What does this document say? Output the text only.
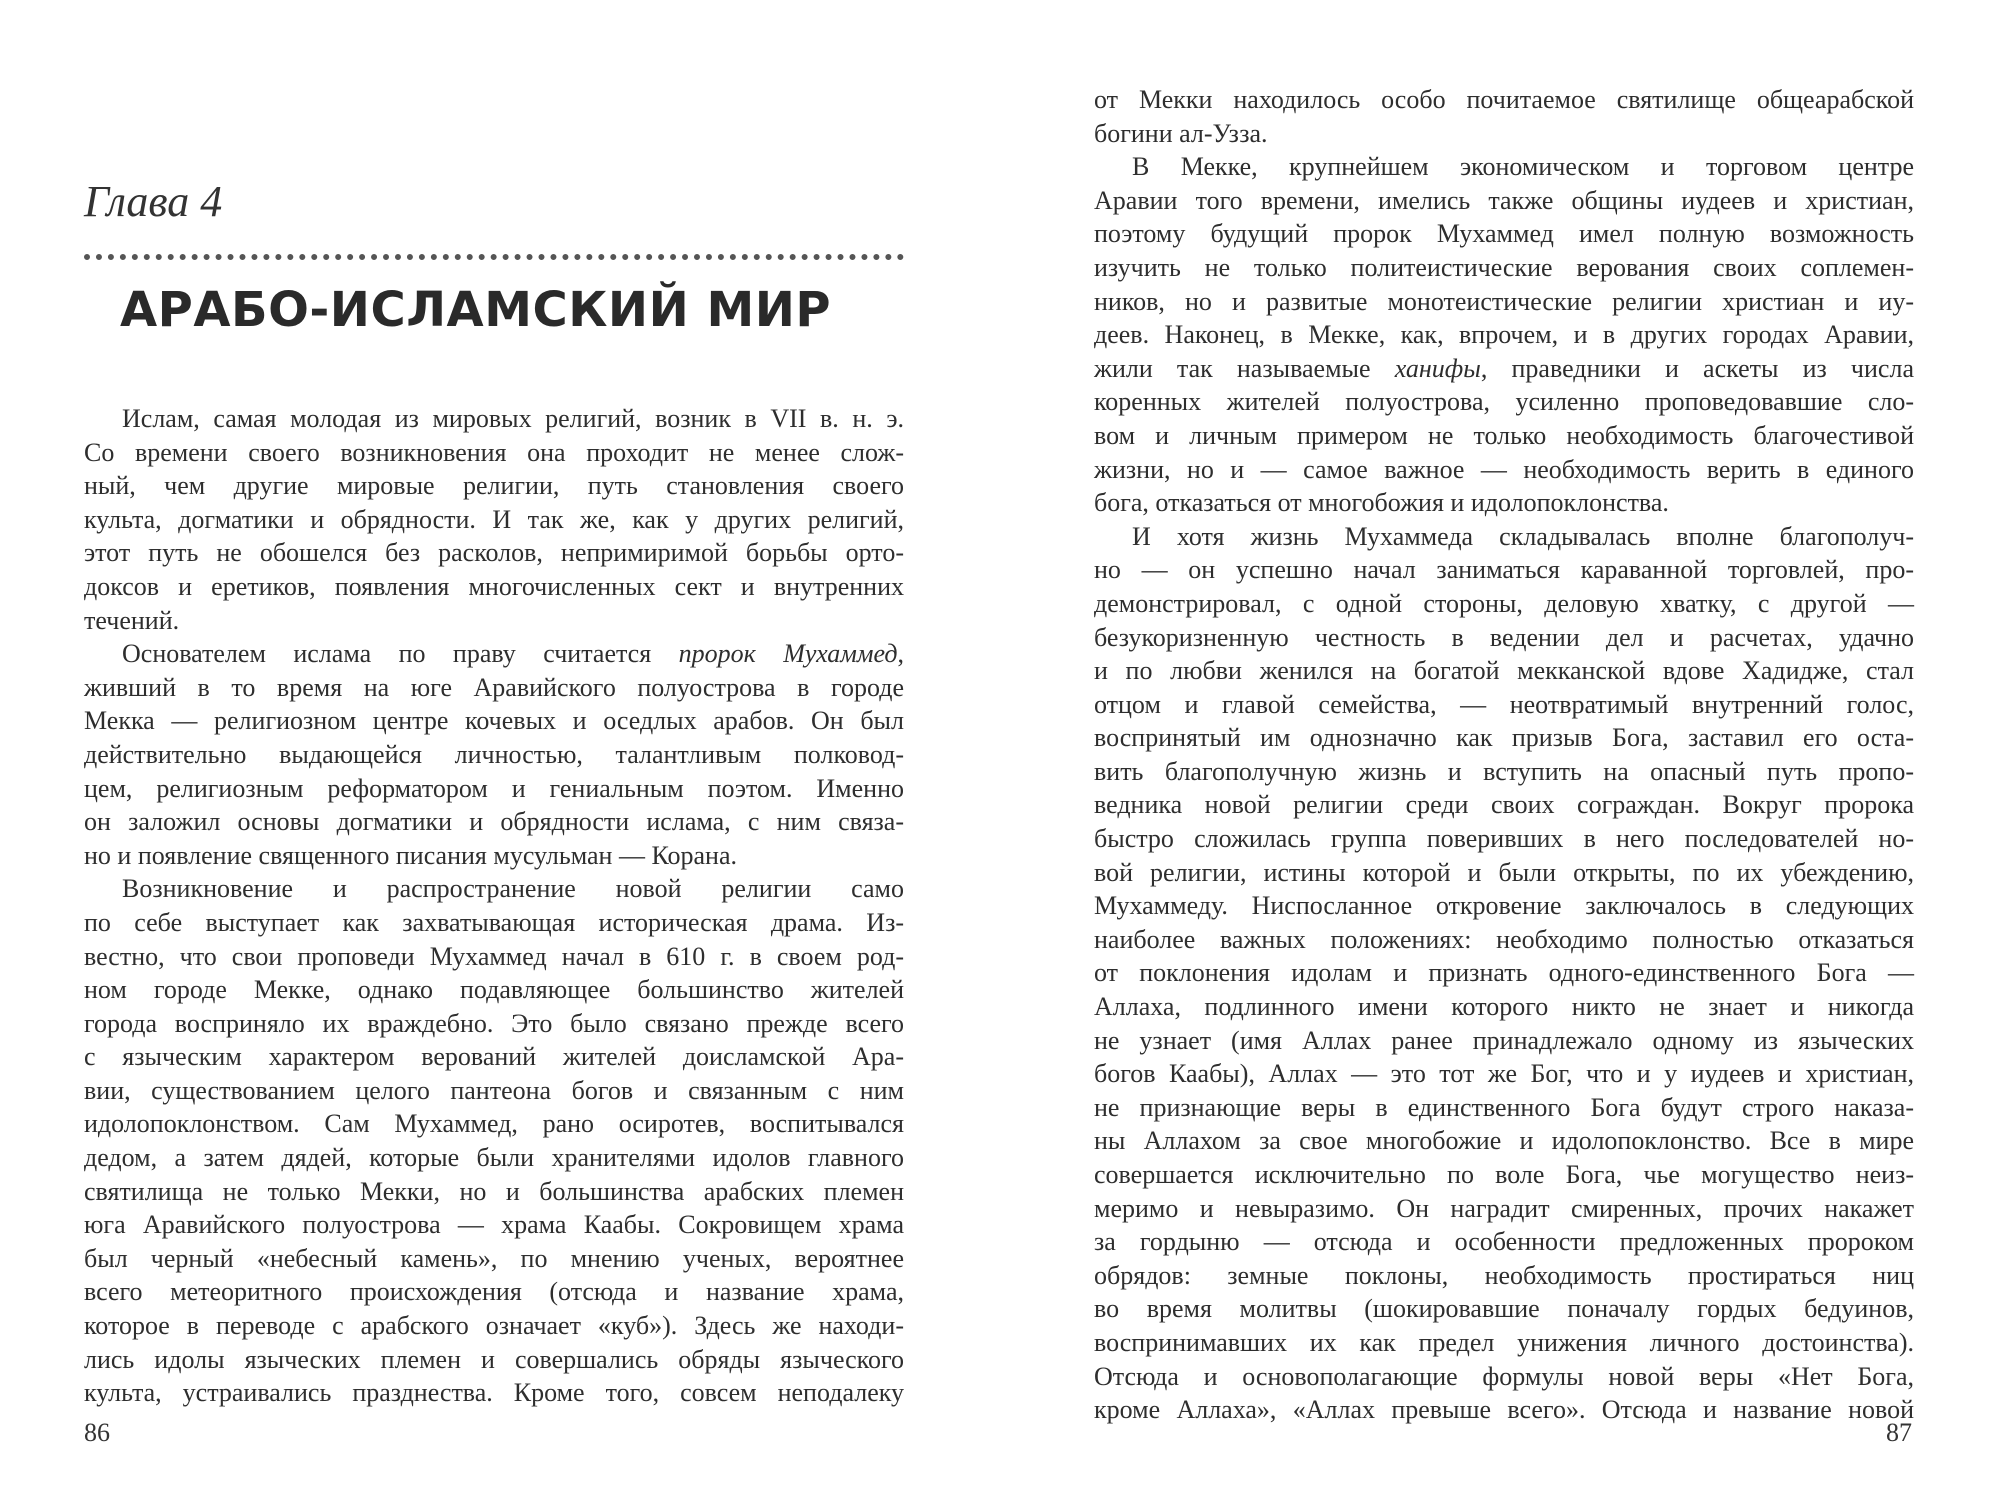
Глава 4
АРАБО-ИСЛАМСКИЙ МИР
Ислам, самая молодая из мировых религий, возник в VII в. н. э.
Со времени своего возникновения она проходит не менее слож-
ный, чем другие мировые религии, путь становления своего
культа, догматики и обрядности. И так же, как у других религий,
этот путь не обошелся без расколов, непримиримой борьбы орто-
доксов и еретиков, появления многочисленных сект и внутренних
течений.
Основателем ислама по праву считается пророк Мухаммед,
живший в то время на юге Аравийского полуострова в городе
Мекка — религиозном центре кочевых и оседлых арабов. Он был
действительно выдающейся личностью, талантливым полковод-
цем, религиозным реформатором и гениальным поэтом. Именно
он заложил основы догматики и обрядности ислама, с ним связа-
но и появление священного писания мусульман — Корана.
Возникновение и распространение новой религии само
по себе выступает как захватывающая историческая драма. Из-
вестно, что свои проповеди Мухаммед начал в 610 г. в своем род-
ном городе Мекке, однако подавляющее большинство жителей
города восприняло их враждебно. Это было связано прежде всего
с языческим характером верований жителей доисламской Ара-
вии, существованием целого пантеона богов и связанным с ним
идолопоклонством. Сам Мухаммед, рано осиротев, воспитывался
дедом, а затем дядей, которые были хранителями идолов главного
святилища не только Мекки, но и большинства арабских племен
юга Аравийского полуострова — храма Каабы. Сокровищем храма
был черный «небесный камень», по мнению ученых, вероятнее
всего метеоритного происхождения (отсюда и название храма,
которое в переводе с арабского означает «куб»). Здесь же находи-
лись идолы языческих племен и совершались обряды языческого
культа, устраивались празднества. Кроме того, совсем неподалеку
86
от Мекки находилось особо почитаемое святилище общеарабской
богини ал-Узза.
В Мекке, крупнейшем экономическом и торговом центре
Аравии того времени, имелись также общины иудеев и христиан,
поэтому будущий пророк Мухаммед имел полную возможность
изучить не только политеистические верования своих соплемен-
ников, но и развитые монотеистические религии христиан и иу-
деев. Наконец, в Мекке, как, впрочем, и в других городах Аравии,
жили так называемые ханифы, праведники и аскеты из числа
коренных жителей полуострова, усиленно проповедовавшие сло-
вом и личным примером не только необходимость благочестивой
жизни, но и — самое важное — необходимость верить в единого
бога, отказаться от многобожия и идолопоклонства.
И хотя жизнь Мухаммеда складывалась вполне благополуч-
но — он успешно начал заниматься караванной торговлей, про-
демонстрировал, с одной стороны, деловую хватку, с другой —
безукоризненную честность в ведении дел и расчетах, удачно
и по любви женился на богатой мекканской вдове Хадидже, стал
отцом и главой семейства, — неотвратимый внутренний голос,
воспринятый им однозначно как призыв Бога, заставил его оста-
вить благополучную жизнь и вступить на опасный путь пропо-
ведника новой религии среди своих сограждан. Вокруг пророка
быстро сложилась группа поверивших в него последователей но-
вой религии, истины которой и были открыты, по их убеждению,
Мухаммеду. Ниспосланное откровение заключалось в следующих
наиболее важных положениях: необходимо полностью отказаться
от поклонения идолам и признать одного-единственного Бога —
Аллаха, подлинного имени которого никто не знает и никогда
не узнает (имя Аллах ранее принадлежало одному из языческих
богов Каабы), Аллах — это тот же Бог, что и у иудеев и христиан,
не признающие веры в единственного Бога будут строго наказа-
ны Аллахом за свое многобожие и идолопоклонство. Все в мире
совершается исключительно по воле Бога, чье могущество неиз-
меримо и невыразимо. Он наградит смиренных, прочих накажет
за гордыню — отсюда и особенности предложенных пророком
обрядов: земные поклоны, необходимость простираться ниц
во время молитвы (шокировавшие поначалу гордых бедуинов,
воспринимавших их как предел унижения личного достоинства).
Отсюда и основополагающие формулы новой веры «Нет Бога,
кроме Аллаха», «Аллах превыше всего». Отсюда и название новой
87
